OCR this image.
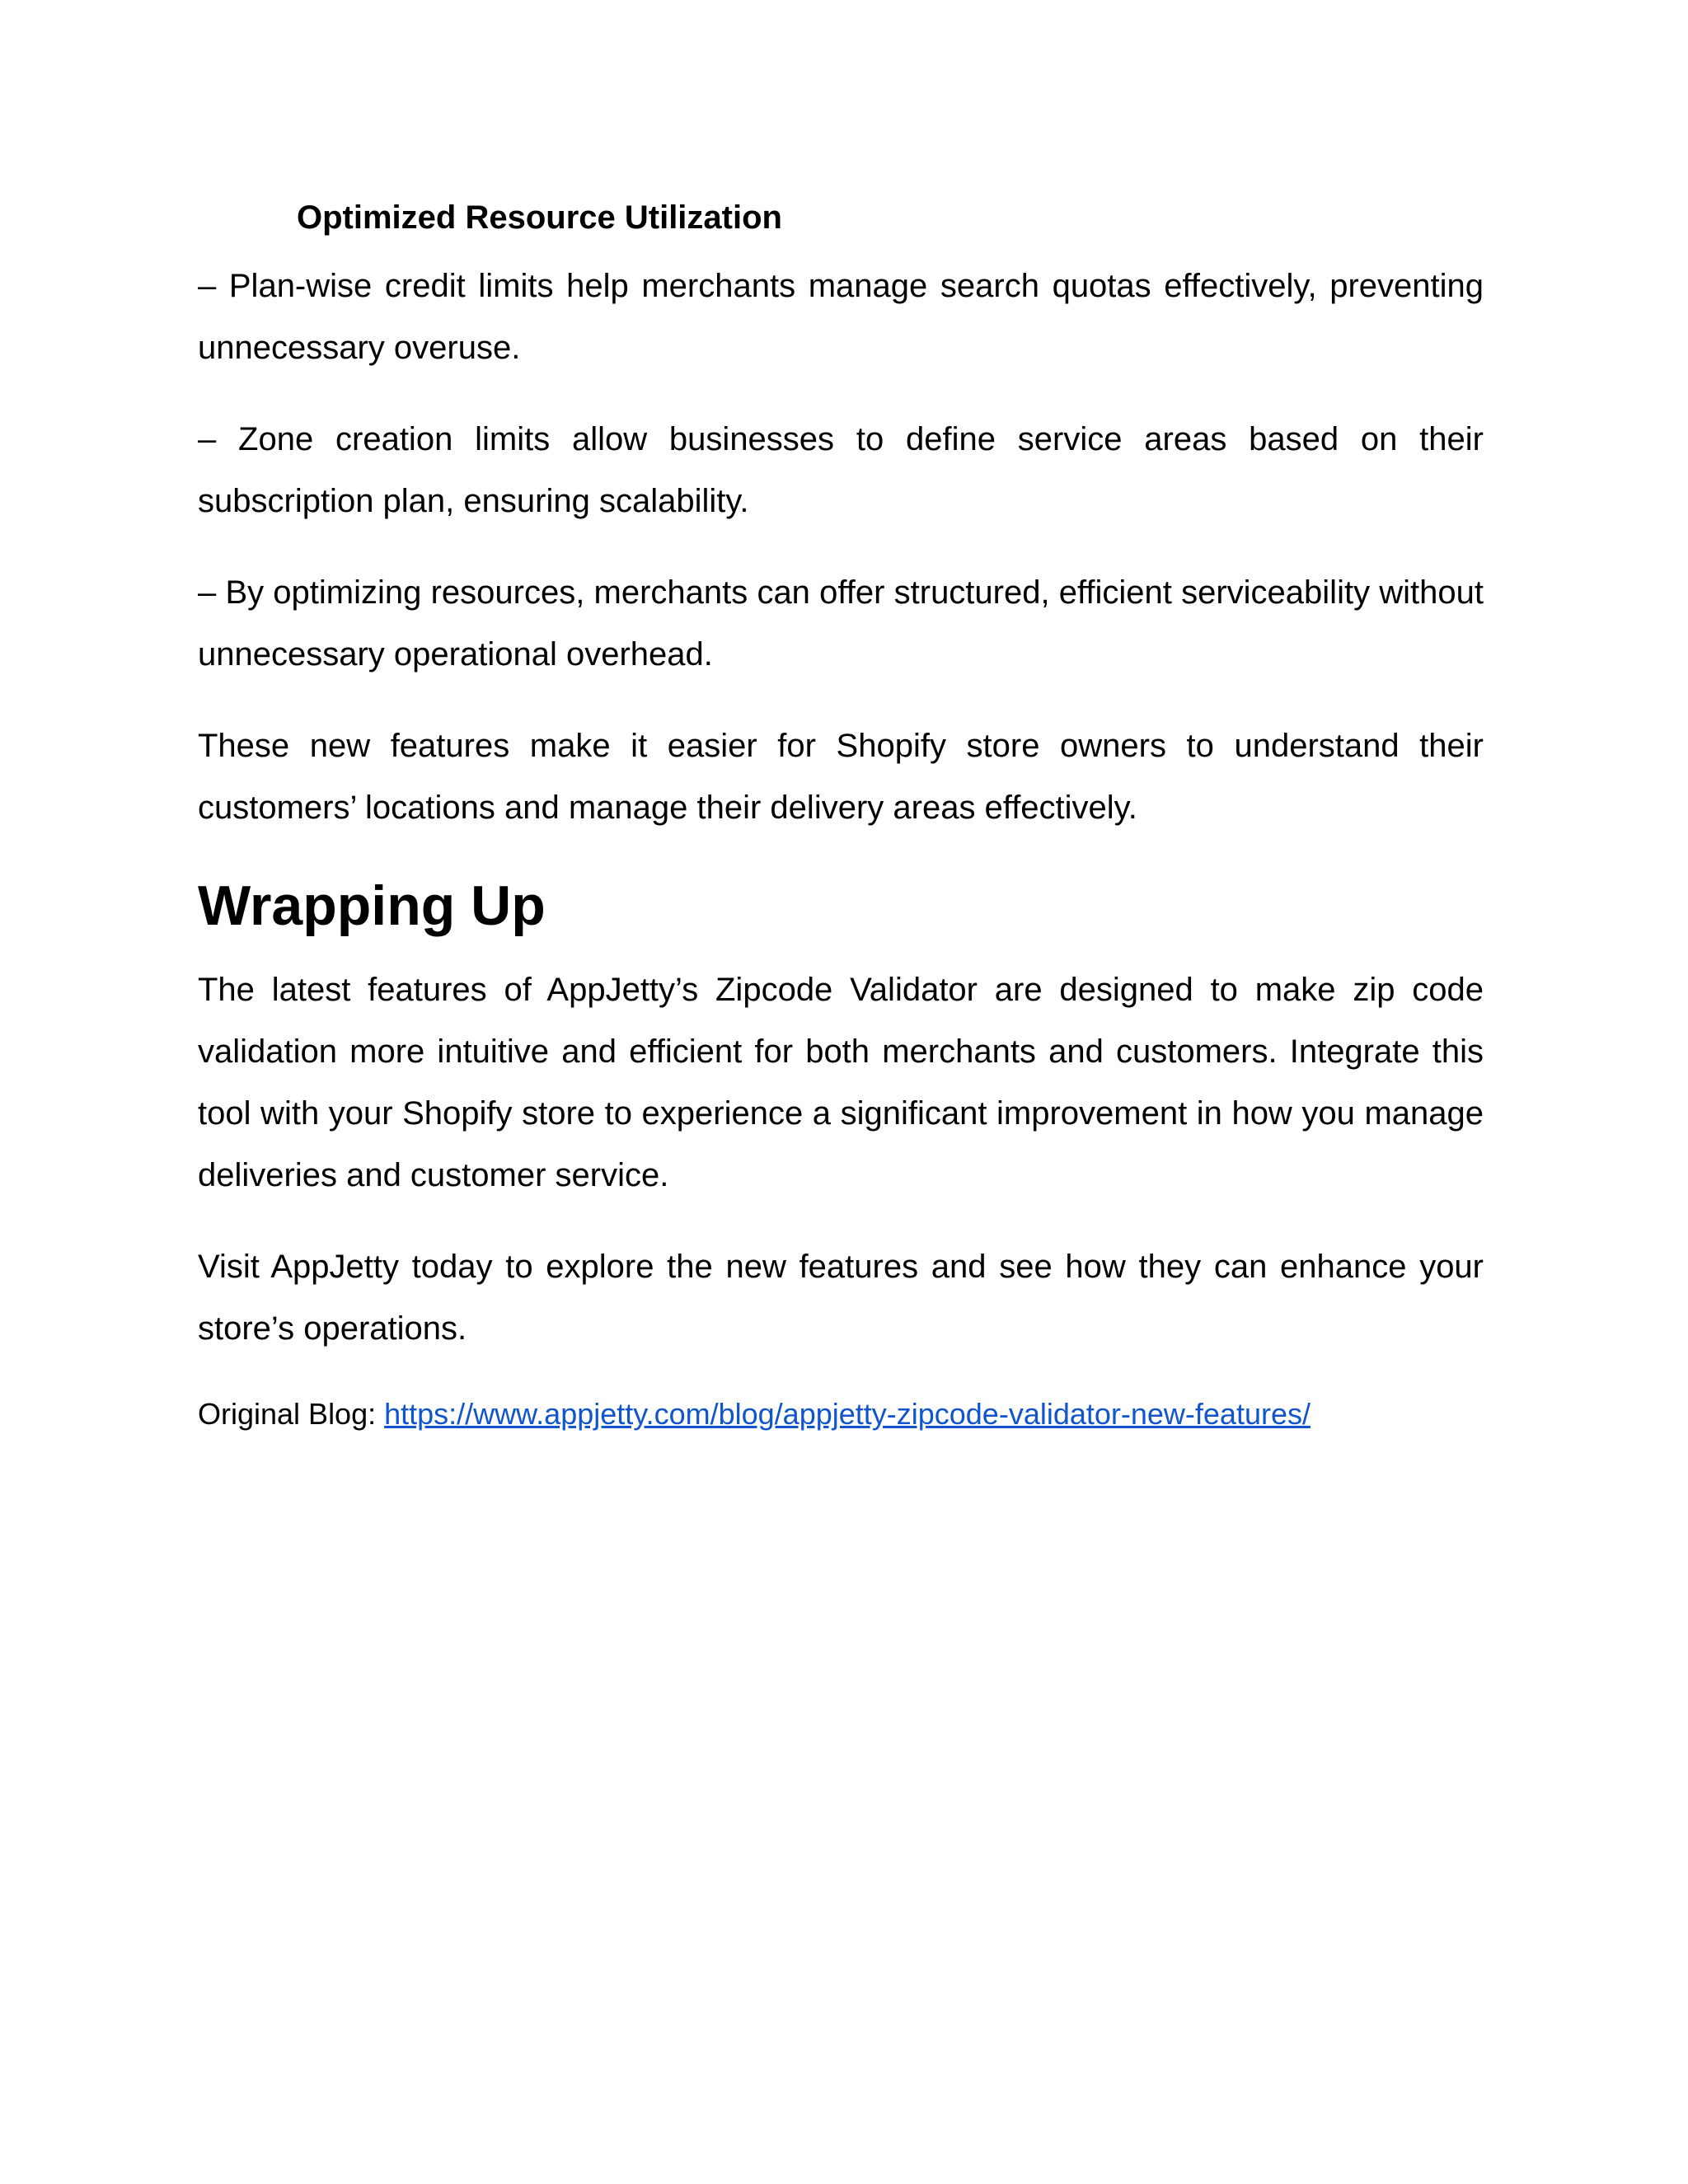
Optimized Resource Utilization

– Plan-wise credit limits help merchants manage search quotas effectively, preventing unnecessary overuse.

– Zone creation limits allow businesses to define service areas based on their subscription plan, ensuring scalability.

– By optimizing resources, merchants can offer structured, efficient serviceability without unnecessary operational overhead.

These new features make it easier for Shopify store owners to understand their customers’ locations and manage their delivery areas effectively.

Wrapping Up

The latest features of AppJetty’s Zipcode Validator are designed to make zip code validation more intuitive and efficient for both merchants and customers. Integrate this tool with your Shopify store to experience a significant improvement in how you manage deliveries and customer service.

Visit AppJetty today to explore the new features and see how they can enhance your store’s operations.

Original Blog: https://www.appjetty.com/blog/appjetty-zipcode-validator-new-features/
